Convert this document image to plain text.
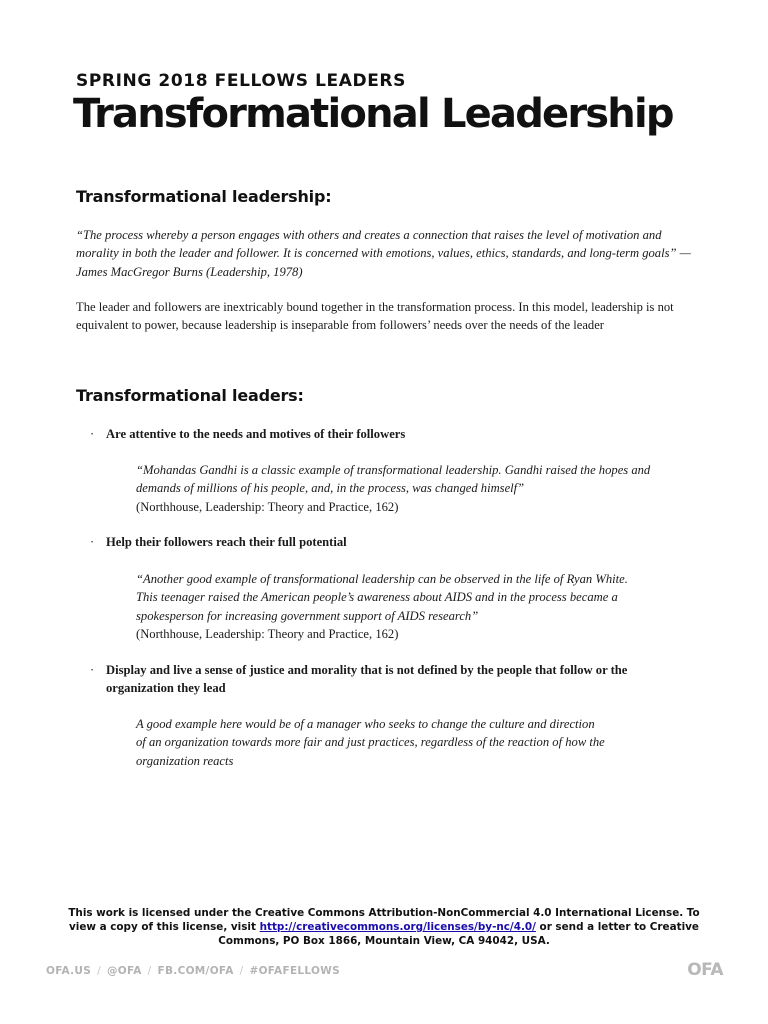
SPRING 2018 FELLOWS LEADERS

Transformational Leadership
Transformational leadership:

“The process whereby a person engages with others and creates a connection that raises the level of motivation and morality in both the leader and follower. It is concerned with emotions, values, ethics, standards, and long-term goals” —James MacGregor Burns (Leadership, 1978)

The leader and followers are inextricably bound together in the transformation process. In this model, leadership is not equivalent to power, because leadership is inseparable from followers’ needs over the needs of the leader

Transformational leaders:
· Are attentive to the needs and motives of their followers

“Mohandas Gandhi is a classic example of transformational leadership. Gandhi raised the hopes and
demands of millions of his people, and, in the process, was changed himself”
(Northhouse, Leadership: Theory and Practice, 162)

· Help their followers reach their full potential

“Another good example of transformational leadership can be observed in the life of Ryan White.
This teenager raised the American people’s awareness about AIDS and in the process became a
spokesperson for increasing government support of AIDS research”
(Northhouse, Leadership: Theory and Practice, 162)

· Display and live a sense of justice and morality that is not defined by the people that follow or the organization they lead

A good example here would be of a manager who seeks to change the culture and direction
of an organization towards more fair and just practices, regardless of the reaction of how the
organization reacts

This work is licensed under the Creative Commons Attribution-NonCommercial 4.0 International License. To view a copy of this license, visit http://creativecommons.org/licenses/by-nc/4.0/ or send a letter to Creative Commons, PO Box 1866, Mountain View, CA 94042, USA.

OFA.US / @OFA / FB.COM/OFA / #OFAFELLOWS	OFA
